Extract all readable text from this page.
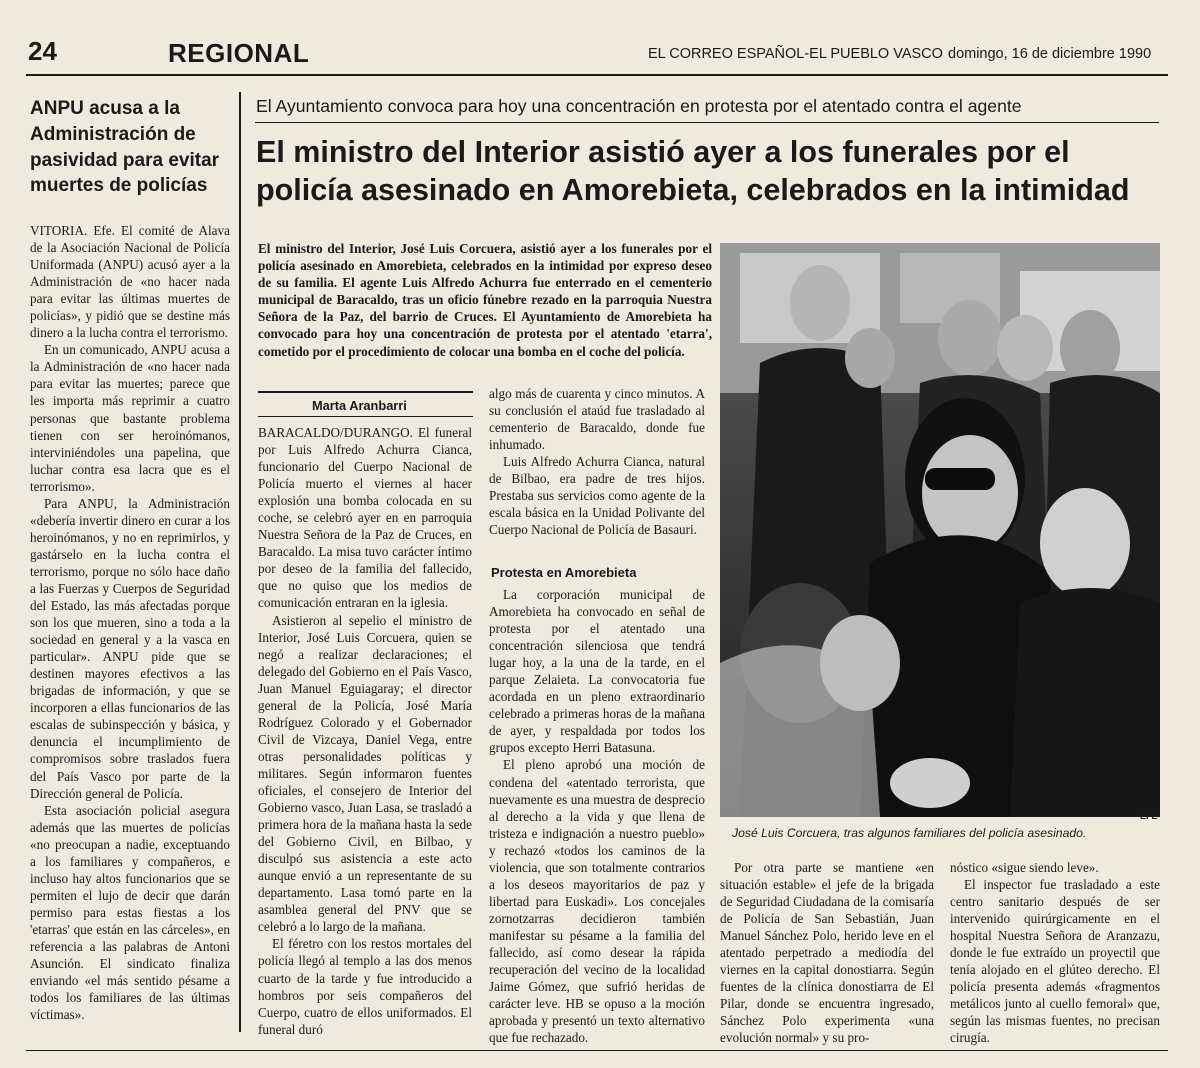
24	REGIONAL	EL CORREO ESPAÑOL-EL PUEBLO VASCO domingo, 16 de diciembre 1990
ANPU acusa a la Administración de pasividad para evitar muertes de policías

VITORIA. Efe. El comité de Alava de la Asociación Nacional de Policía Uniformada (ANPU) acusó ayer a la Administración de «no hacer nada para evitar las últimas muertes de policías», y pidió que se destine más dinero a la lucha contra el terrorismo.

En un comunicado, ANPU acusa a la Administración de «no hacer nada para evitar las muertes; parece que les importa más reprimir a cuatro personas que bastante problema tienen con ser heroinómanos, interviniéndoles una papelina, que luchar contra esa lacra que es el terrorismo».

Para ANPU, la Administración «debería invertir dinero en curar a los heroinómanos, y no en reprimirlos, y gastárselo en la lucha contra el terrorismo, porque no sólo hace daño a las Fuerzas y Cuerpos de Seguridad del Estado, las más afectadas porque son los que mueren, sino a toda a la sociedad en general y a la vasca en particular». ANPU pide que se destinen mayores efectivos a las brigadas de información, y que se incorporen a ellas funcionarios de las escalas de subinspección y básica, y denuncia el incumplimiento de compromisos sobre traslados fuera del País Vasco por parte de la Dirección general de Policía.

Esta asociación policial asegura además que las muertes de policías «no preocupan a nadie, exceptuando a los familiares y compañeros, e incluso hay altos funcionarios que se permiten el lujo de decir que darán permiso para estas fiestas a los 'etarras' que están en las cárceles», en referencia a las palabras de Antoni Asunción. El sindicato finaliza enviando «el más sentido pésame a todos los familiares de las últimas víctimas».

El Ayuntamiento convoca para hoy una concentración en protesta por el atentado contra el agente
El ministro del Interior asistió ayer a los funerales por el policía asesinado en Amorebieta, celebrados en la intimidad
El ministro del Interior, José Luis Corcuera, asistió ayer a los funerales por el policía asesinado en Amorebieta, celebrados en la intimidad por expreso deseo de su familia. El agente Luis Alfredo Achurra fue enterrado en el cementerio municipal de Baracaldo, tras un oficio fúnebre rezado en la parroquia Nuestra Señora de la Paz, del barrio de Cruces. El Ayuntamiento de Amorebieta ha convocado para hoy una concentración de protesta por el atentado 'etarra', cometido por el procedimiento de colocar una bomba en el coche del policía.
Marta Aranbarri

BARACALDO/DURANGO. El funeral por Luis Alfredo Achurra Cianca, funcionario del Cuerpo Nacional de Policía muerto el viernes al hacer explosión una bomba colocada en su coche, se celebró ayer en en parroquia Nuestra Señora de la Paz de Cruces, en Baracaldo. La misa tuvo carácter íntimo por deseo de la familia del fallecido, que no quiso que los medios de comunicación entraran en la iglesia.

Asistieron al sepelio el ministro de Interior, José Luis Corcuera, quien se negó a realizar declaraciones; el delegado del Gobierno en el País Vasco, Juan Manuel Eguiagaray; el director general de la Policía, José María Rodríguez Colorado y el Gobernador Civil de Vizcaya, Daniel Vega, entre otras personalidades políticas y militares. Según informaron fuentes oficiales, el consejero de Interior del Gobierno vasco, Juan Lasa, se trasladó a primera hora de la mañana hasta la sede del Gobierno Civil, en Bilbao, y disculpó sus asistencia a este acto aunque envió a un representante de su departamento. Lasa tomó parte en la asamblea general del PNV que se celebró a lo largo de la mañana.

El féretro con los restos mortales del policía llegó al templo a las dos menos cuarto de la tarde y fue introducido a hombros por seis compañeros del Cuerpo, cuatro de ellos uniformados. El funeral duró

algo más de cuarenta y cinco minutos. A su conclusión el ataúd fue trasladado al cementerio de Baracaldo, donde fue inhumado.

Luis Alfredo Achurra Cianca, natural de Bilbao, era padre de tres hijos. Prestaba sus servicios como agente de la escala básica en la Unidad Polivante del Cuerpo Nacional de Policía de Basauri.

Protesta en Amorebieta

La corporación municipal de Amorebieta ha convocado en señal de protesta por el atentado una concentración silenciosa que tendrá lugar hoy, a la una de la tarde, en el parque Zelaieta. La convocatoria fue acordada en un pleno extraordinario celebrado a primeras horas de la mañana de ayer, y respaldada por todos los grupos excepto Herri Batasuna.

El pleno aprobó una moción de condena del «atentado terrorista, que nuevamente es una muestra de desprecio al derecho a la vida y que llena de tristeza e indignación a nuestro pueblo» y rechazó «todos los caminos de la violencia, que son totalmente contrarios a los deseos mayoritarios de paz y libertad para Euskadi». Los concejales zornotzarras decidieron también manifestar su pésame a la familia del fallecido, así como desear la rápida recuperación del vecino de la localidad Jaime Gómez, que sufrió heridas de carácter leve. HB se opuso a la moción aprobada y presentó un texto alternativo que fue rechazado.

EFE
José Luis Corcuera, tras algunos familiares del policía asesinado.

Por otra parte se mantiene «en situación estable» el jefe de la brigada de Seguridad Ciudadana de la comisaría de Policía de San Sebastián, Juan Manuel Sánchez Polo, herido leve en el atentado perpetrado a mediodía del viernes en la capital donostiarra. Según fuentes de la clínica donostiarra de El Pilar, donde se encuentra ingresado, Sánchez Polo experimenta «una evolución normal» y su pro-

nóstico «sigue siendo leve».

El inspector fue trasladado a este centro sanitario después de ser intervenido quirúrgicamente en el hospital Nuestra Señora de Aranzazu, donde le fue extraído un proyectil que tenía alojado en el glúteo derecho. El policía presenta además «fragmentos metálicos junto al cuello femoral» que, según las mismas fuentes, no precisan cirugía.
